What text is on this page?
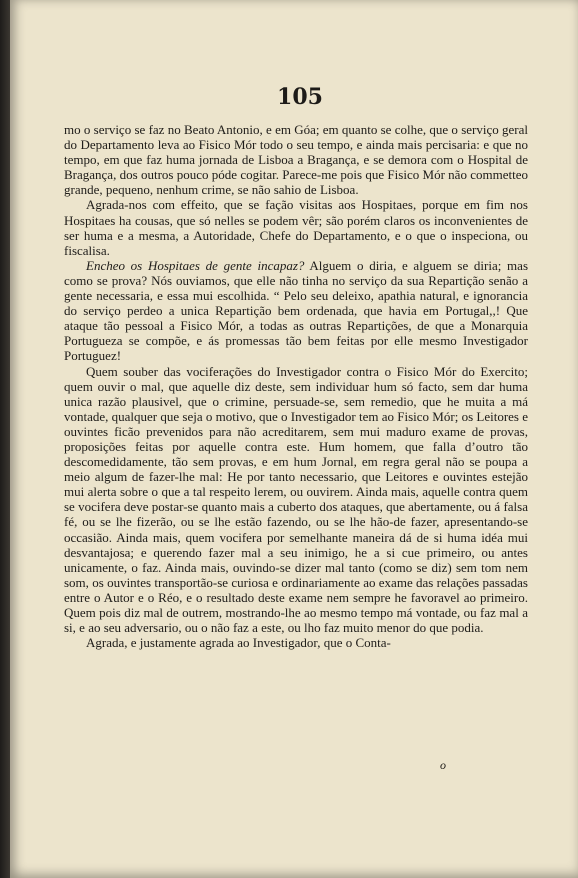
105

mo o serviço se faz no Beato Antonio, e em Góa; em quanto se colhe, que o serviço geral do Departamento leva ao Fisico Mór todo o seu tempo, e ainda mais percisaria: e que no tempo, em que faz huma jornada de Lisboa a Bragança, e se demora com o Hospital de Bragança, dos outros pouco póde cogitar. Parece-me pois que Fisico Mór não commetteo grande, pequeno, nenhum crime, se não sahio de Lisboa.

Agrada-nos com effeito, que se fação visitas aos Hospitaes, porque em fim nos Hospitaes ha cousas, que só nelles se podem vêr; são porém claros os inconvenientes de ser huma e a mesma, a Autoridade, Chefe do Departamento, e o que o inspeciona, ou fiscalisa.

Encheo os Hospitaes de gente incapaz? Alguem o diria, e alguem se diria; mas como se prova? Nós ouviamos, que elle não tinha no serviço da sua Repartição senão a gente necessaria, e essa mui escolhida. “ Pelo seu deleixo, apathia natural, e ignorancia do serviço perdeo a unica Repartição bem ordenada, que havia em Portugal,,! Que ataque tão pessoal a Fisico Mór, a todas as outras Repartições, de que a Monarquia Portugueza se compõe, e ás promessas tão bem feitas por elle mesmo Investigador Portuguez!

Quem souber das vociferações do Investigador contra o Fisico Mór do Exercito; quem ouvir o mal, que aquelle diz deste, sem individuar hum só facto, sem dar huma unica razão plausivel, que o crimine, persuade-se, sem remedio, que he muita a má vontade, qualquer que seja o motivo, que o Investigador tem ao Fisico Mór; os Leitores e ouvintes ficão prevenidos para não acreditarem, sem mui maduro exame de provas, proposições feitas por aquelle contra este. Hum homem, que falla d’outro tão descomedidamente, tão sem provas, e em hum Jornal, em regra geral não se poupa a meio algum de fazer-lhe mal: He por tanto necessario, que Leitores e ouvintes estejão mui alerta sobre o que a tal respeito lerem, ou ouvirem. Ainda mais, aquelle contra quem se vocifera deve postar-se quanto mais a cuberto dos ataques, que abertamente, ou á falsa fé, ou se lhe fizerão, ou se lhe estão fazendo, ou se lhe hão-de fazer, apresentando-se occasião. Ainda mais, quem vocifera por semelhante maneira dá de si huma idéa mui desvantajosa; e querendo fazer mal a seu inimigo, he a si cue primeiro, ou antes unicamente, o faz. Ainda mais, ouvindo-se dizer mal tanto (como se diz) sem tom nem som, os ouvintes transportão-se curiosa e ordinariamente ao exame das relações passadas entre o Autor e o Réo, e o resultado deste exame nem sempre he favoravel ao primeiro. Quem pois diz mal de outrem, mostrando-lhe ao mesmo tempo má vontade, ou faz mal a si, e ao seu adversario, ou o não faz a este, ou lho faz muito menor do que podia.

Agrada, e justamente agrada ao Investigador, que o Conta-

o
